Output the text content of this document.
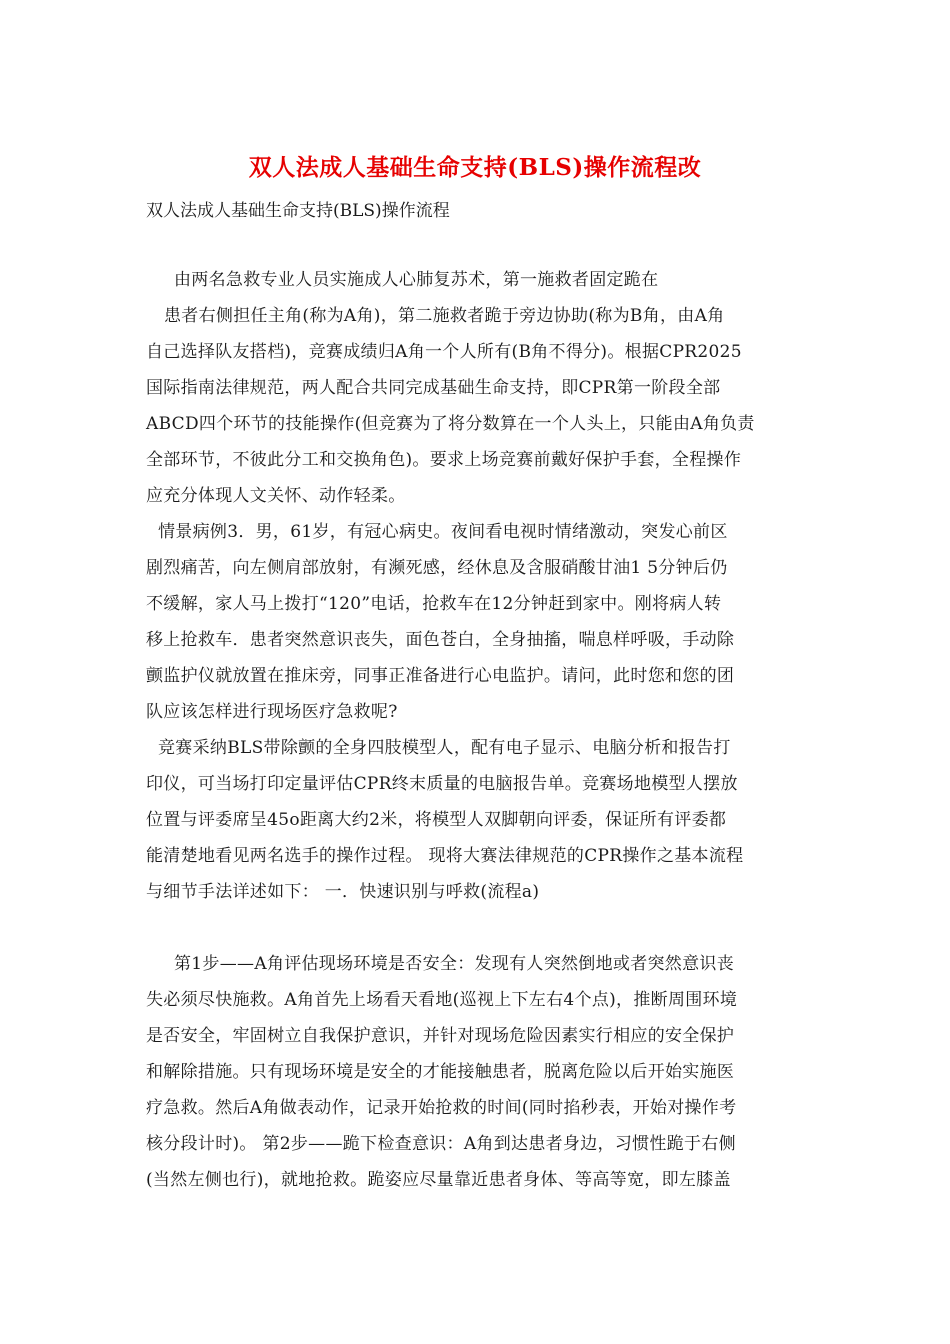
双人法成人基础生命支持(BLS)操作流程改
双人法成人基础生命支持(BLS)操作流程
由两名急救专业人员实施成人心肺复苏术，第一施救者固定跪在
患者右侧担任主角(称为A角)，第二施救者跪于旁边协助(称为B角，由A角
自己选择队友搭档)，竞赛成绩归A角一个人所有(B角不得分)。根据CPR2025
国际指南法律规范，两人配合共同完成基础生命支持，即CPR第一阶段全部
ABCD四个环节的技能操作(但竞赛为了将分数算在一个人头上，只能由A角负责
全部环节，不彼此分工和交换角色)。要求上场竞赛前戴好保护手套，全程操作
应充分体现人文关怀、动作轻柔。
情景病例3．男，61岁，有冠心病史。夜间看电视时情绪激动，突发心前区
剧烈痛苦，向左侧肩部放射，有濒死感，经休息及含服硝酸甘油1 5分钟后仍
不缓解，家人马上拨打“120”电话，抢救车在12分钟赶到家中。刚将病人转
移上抢救车．患者突然意识丧失，面色苍白，全身抽搐，喘息样呼吸，手动除
颤监护仪就放置在推床旁，同事正准备进行心电监护。请问，此时您和您的团
队应该怎样进行现场医疗急救呢?
竞赛采纳BLS带除颤的全身四肢模型人，配有电子显示、电脑分析和报告打
印仪，可当场打印定量评估CPR终末质量的电脑报告单。竞赛场地模型人摆放
位置与评委席呈45o距离大约2米，将模型人双脚朝向评委，保证所有评委都
能清楚地看见两名选手的操作过程。 现将大赛法律规范的CPR操作之基本流程
与细节手法详述如下： 一．快速识别与呼救(流程a)
第1步——A角评估现场环境是否安全：发现有人突然倒地或者突然意识丧
失必须尽快施救。A角首先上场看天看地(巡视上下左右4个点)，推断周围环境
是否安全，牢固树立自我保护意识，并针对现场危险因素实行相应的安全保护
和解除措施。只有现场环境是安全的才能接触患者，脱离危险以后开始实施医
疗急救。然后A角做表动作，记录开始抢救的时间(同时掐秒表，开始对操作考
核分段计时)。 第2步——跪下检查意识：A角到达患者身边，习惯性跪于右侧
(当然左侧也行)，就地抢救。跪姿应尽量靠近患者身体、等高等宽，即左膝盖
